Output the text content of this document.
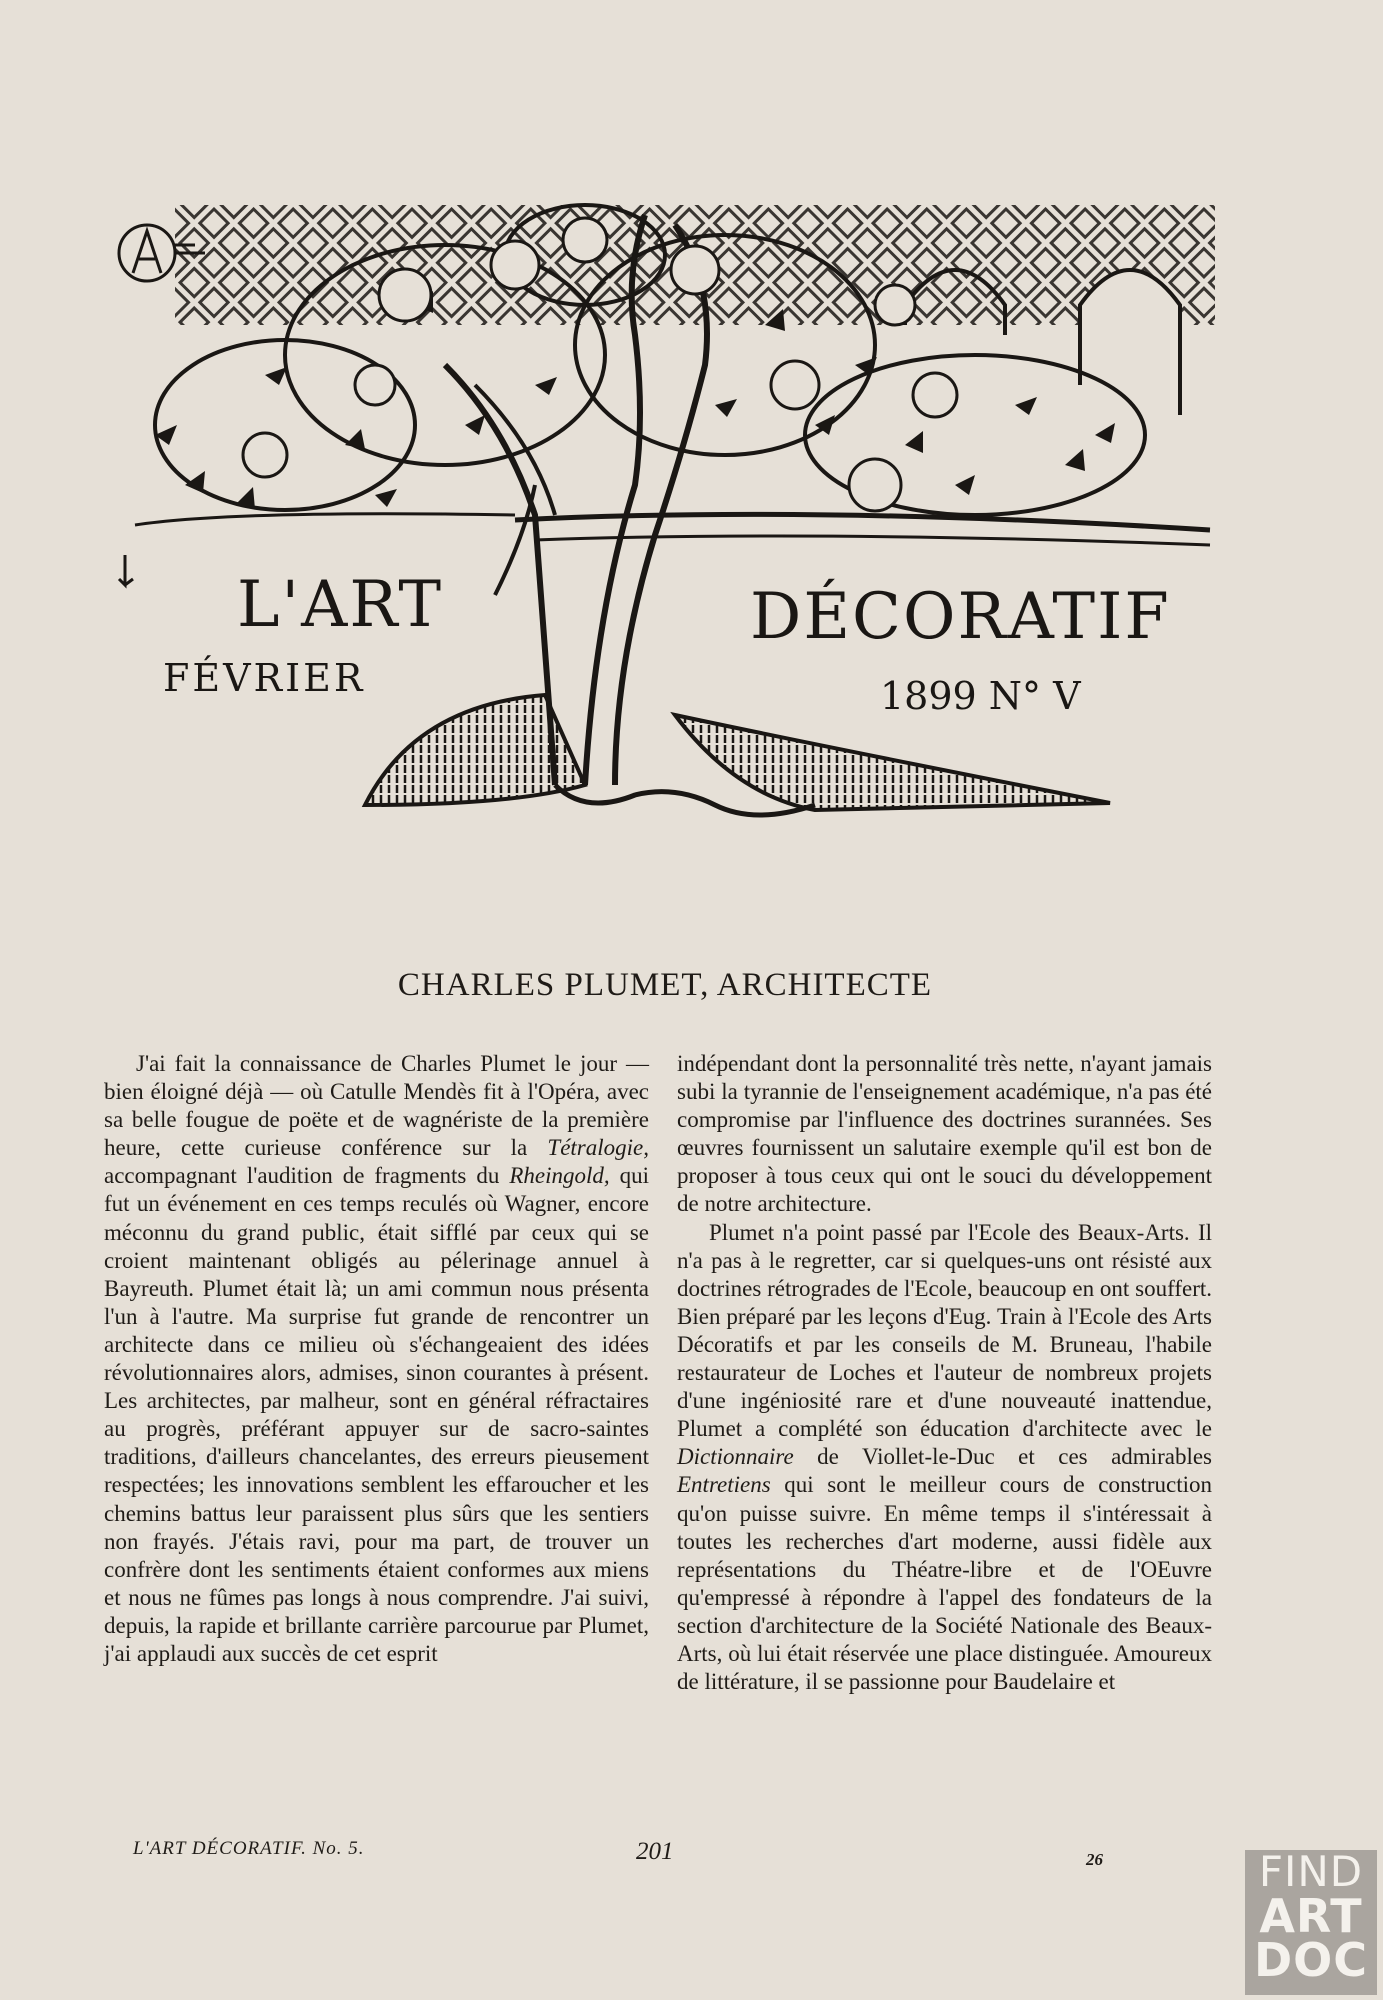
L'ART	DÉCORATIF
FÉVRIER	1899 N° V
CHARLES PLUMET, ARCHITECTE

J'ai fait la connaissance de Charles Plumet le jour — bien éloigné déjà — où Catulle Mendès fit à l'Opéra, avec sa belle fougue de poëte et de wagnériste de la première heure, cette curieuse conférence sur la Tétralogie, accompagnant l'audition de fragments du Rheingold, qui fut un événement en ces temps reculés où Wagner, encore méconnu du grand public, était sifflé par ceux qui se croient maintenant obligés au pélerinage annuel à Bayreuth. Plumet était là; un ami commun nous présenta l'un à l'autre. Ma surprise fut grande de rencontrer un architecte dans ce milieu où s'échangeaient des idées révolutionnaires alors, admises, sinon courantes à présent. Les architectes, par malheur, sont en général réfractaires au progrès, préférant appuyer sur de sacro-saintes traditions, d'ailleurs chancelantes, des erreurs pieusement respectées; les innovations semblent les effaroucher et les chemins battus leur paraissent plus sûrs que les sentiers non frayés. J'étais ravi, pour ma part, de trouver un confrère dont les sentiments étaient conformes aux miens et nous ne fûmes pas longs à nous comprendre. J'ai suivi, depuis, la rapide et brillante carrière parcourue par Plumet, j'ai applaudi aux succès de cet esprit

indépendant dont la personnalité très nette, n'ayant jamais subi la tyrannie de l'enseignement académique, n'a pas été compromise par l'influence des doctrines surannées. Ses œuvres fournissent un salutaire exemple qu'il est bon de proposer à tous ceux qui ont le souci du développement de notre architecture.

Plumet n'a point passé par l'Ecole des Beaux-Arts. Il n'a pas à le regretter, car si quelques-uns ont résisté aux doctrines rétrogrades de l'Ecole, beaucoup en ont souffert. Bien préparé par les leçons d'Eug. Train à l'Ecole des Arts Décoratifs et par les conseils de M. Bruneau, l'habile restaurateur de Loches et l'auteur de nombreux projets d'une ingéniosité rare et d'une nouveauté inattendue, Plumet a complété son éducation d'architecte avec le Dictionnaire de Viollet-le-Duc et ces admirables Entretiens qui sont le meilleur cours de construction qu'on puisse suivre. En même temps il s'intéressait à toutes les recherches d'art moderne, aussi fidèle aux représentations du Théatre-libre et de l'OEuvre qu'empressé à répondre à l'appel des fondateurs de la section d'architecture de la Société Nationale des Beaux-Arts, où lui était réservée une place distinguée. Amoureux de littérature, il se passionne pour Baudelaire et

L'ART DÉCORATIF. No. 5.	201	26	FIND
ART
DOC
